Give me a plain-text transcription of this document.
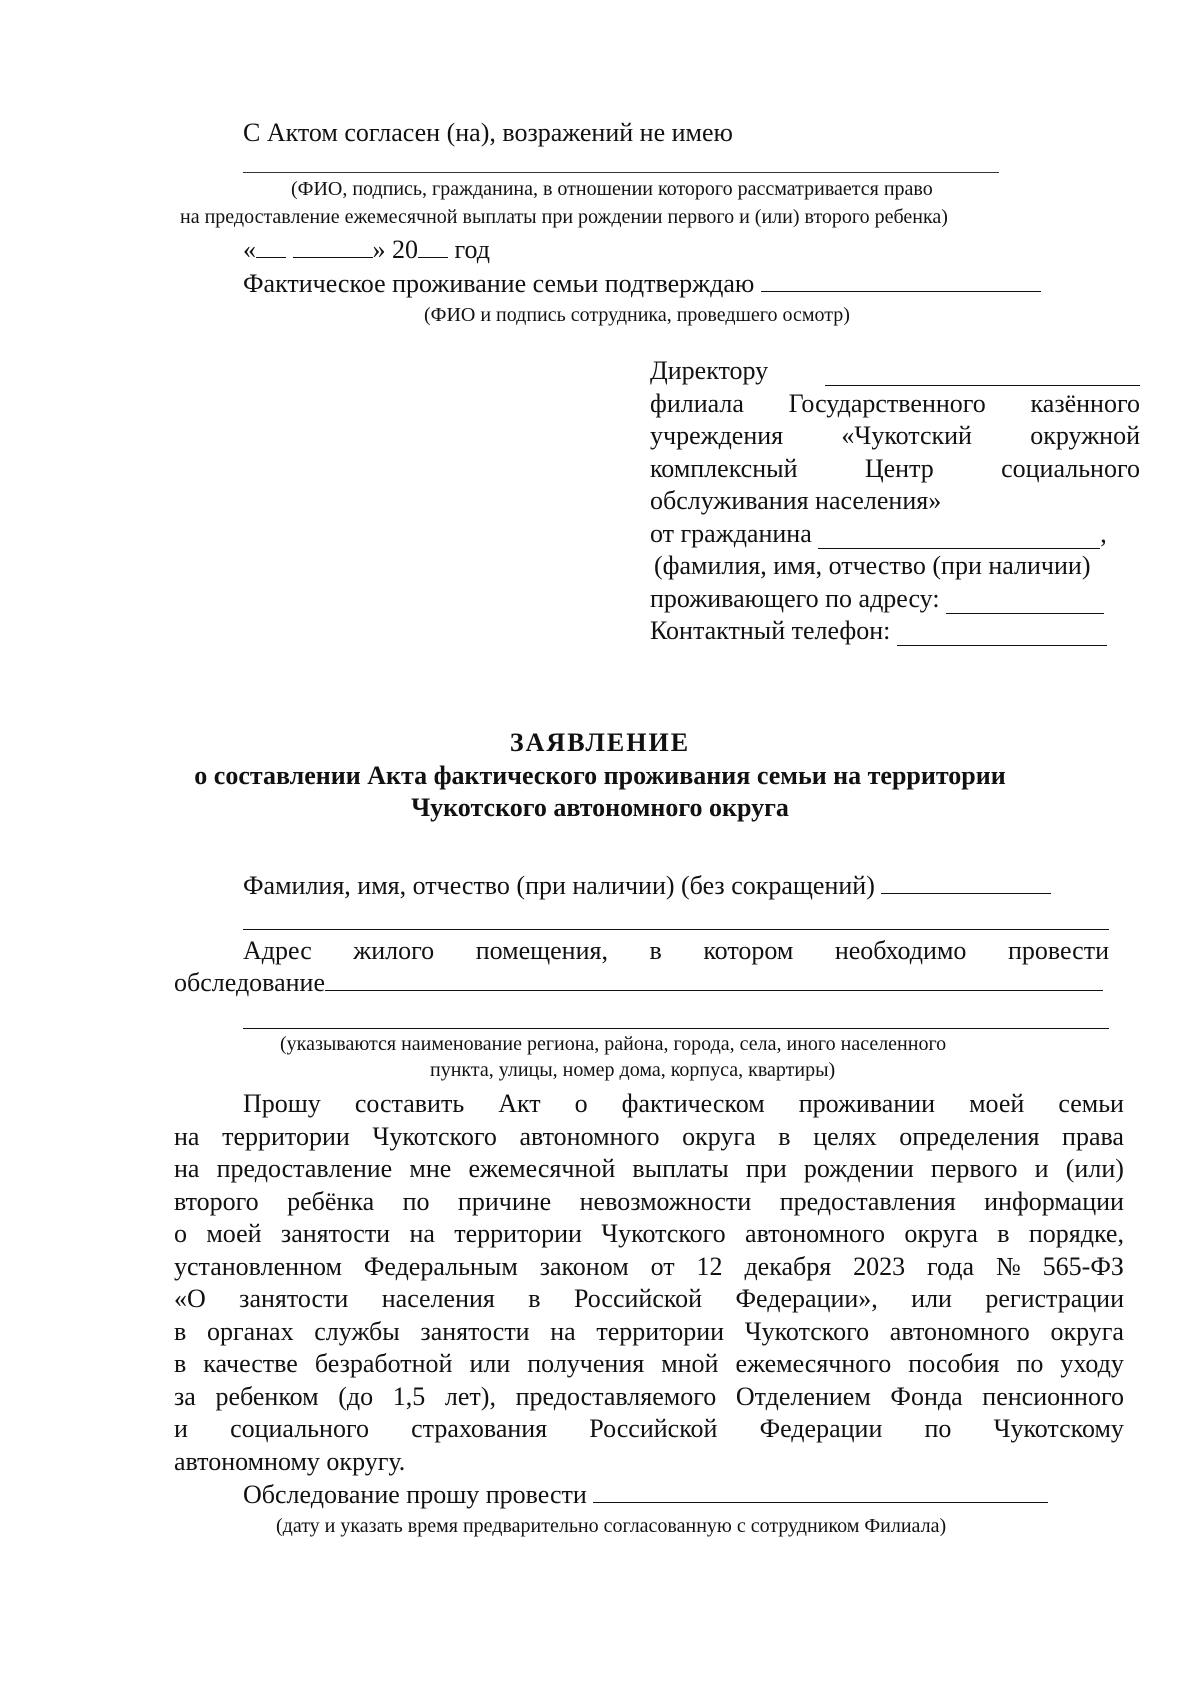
С Актом согласен (на), возражений не имею
(ФИО, подпись, гражданина, в отношении которого рассматривается право
на предоставление ежемесячной выплаты при рождении первого и (или) второго ребенка)
«	» 20 год
Фактическое проживание семьи подтверждаю
(ФИО и подпись сотрудника, проведшего осмотр)
Директору
филиала Государственного казённого
учреждения «Чукотский окружной
комплексный	Центр	социального
обслуживания населения»
от гражданина
	,
(фамилия, имя, отчество (при наличии)
проживающего по адресу:

Контактный телефон:

ЗАЯВЛЕНИЕ
о составлении Акта фактического проживания семьи на территории
Чукотского автономного округа
Фамилия, имя, отчество (при наличии) (без сокращений)
Адрес жилого помещения, в котором необходимо провести
обследование
(указываются наименование региона, района, города, села, иного населенного
пункта, улицы, номер дома, корпуса, квартиры)
Прошу составить Акт о фактическом проживании моей семьи
на территории Чукотского автономного округа в целях определения права
на предоставление мне ежемесячной выплаты при рождении первого и (или)
второго ребёнка по причине невозможности предоставления информации
о моей занятости на территории Чукотского автономного округа в порядке,
установленном Федеральным законом от 12 декабря 2023 года № 565-ФЗ
«О занятости населения в Российской Федерации», или регистрации
в органах службы занятости на территории Чукотского автономного округа
в качестве безработной или получения мной ежемесячного пособия по уходу
за ребенком (до 1,5 лет), предоставляемого Отделением Фонда пенсионного
и социального страхования Российской Федерации по Чукотскому
автономному округу.
Обследование прошу провести
(дату и указать время предварительно согласованную с сотрудником Филиала)
